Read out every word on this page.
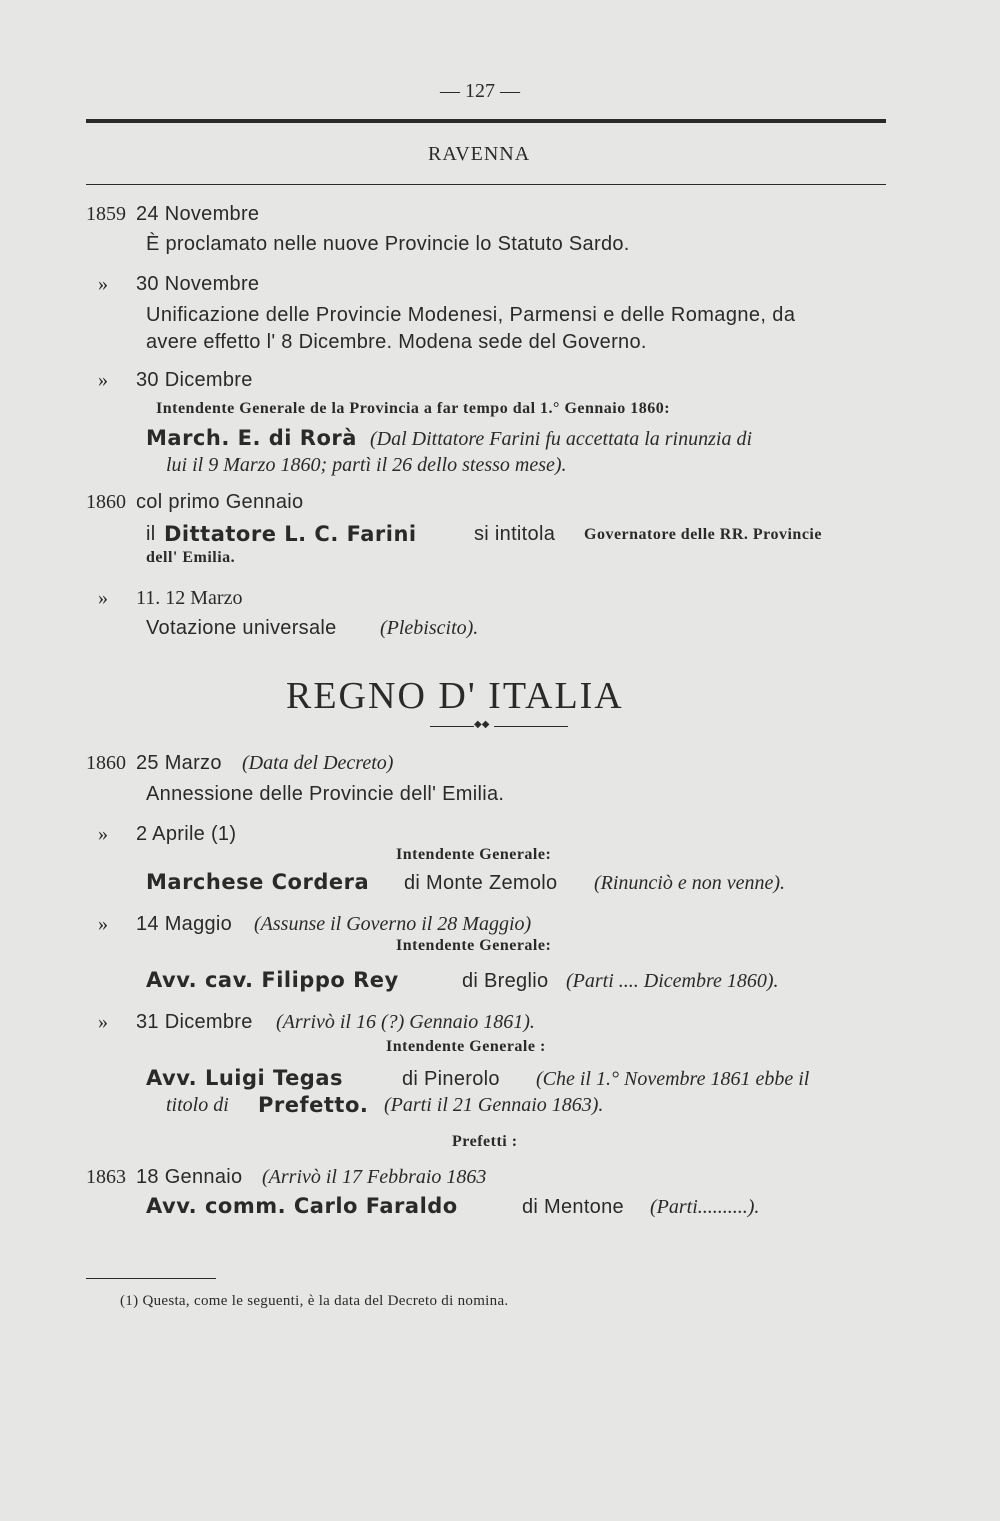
— 127 —
RAVENNA
1859 24 Novembre
È proclamato nelle nuove Provincie lo Statuto Sardo.
» 30 Novembre
Unificazione delle Provincie Modenesi, Parmensi e delle Romagne, da
avere effetto l' 8 Dicembre. Modena sede del Governo.
» 30 Dicembre
Intendente Generale de la Provincia a far tempo dal 1.° Gennaio 1860:
March. E. di Rorà (Dal Dittatore Farini fu accettata la rinunzia di
lui il 9 Marzo 1860; partì il 26 dello stesso mese).
1860 col primo Gennaio
il Dittatore L. C. Farini	si intitola Governatore delle RR. Provincie
dell' Emilia.
» 11. 12 Marzo
Votazione universale (Plebiscito).
REGNO D' ITALIA
◆◆
1860 25 Marzo (Data del Decreto)
Annessione delle Provincie dell' Emilia.
» 2 Aprile (1)
Intendente Generale:
Marchese Cordera di Monte Zemolo (Rinunciò e non venne).
» 14 Maggio (Assunse il Governo il 28 Maggio)
Intendente Generale:
Avv. cav. Filippo Rey	di Breglio (Parti .... Dicembre 1860).
» 31 Dicembre (Arrivò il 16 (?) Gennaio 1861).
Intendente Generale :
Avv. Luigi Tegas	di Pinerolo (Che il 1.° Novembre 1861 ebbe il
titolo di Prefetto. (Parti il 21 Gennaio 1863).
Prefetti :
1863 18 Gennaio (Arrivò il 17 Febbraio 1863
Avv. comm. Carlo Faraldo	di Mentone (Parti..........).
(1) Questa, come le seguenti, è la data del Decreto di nomina.
